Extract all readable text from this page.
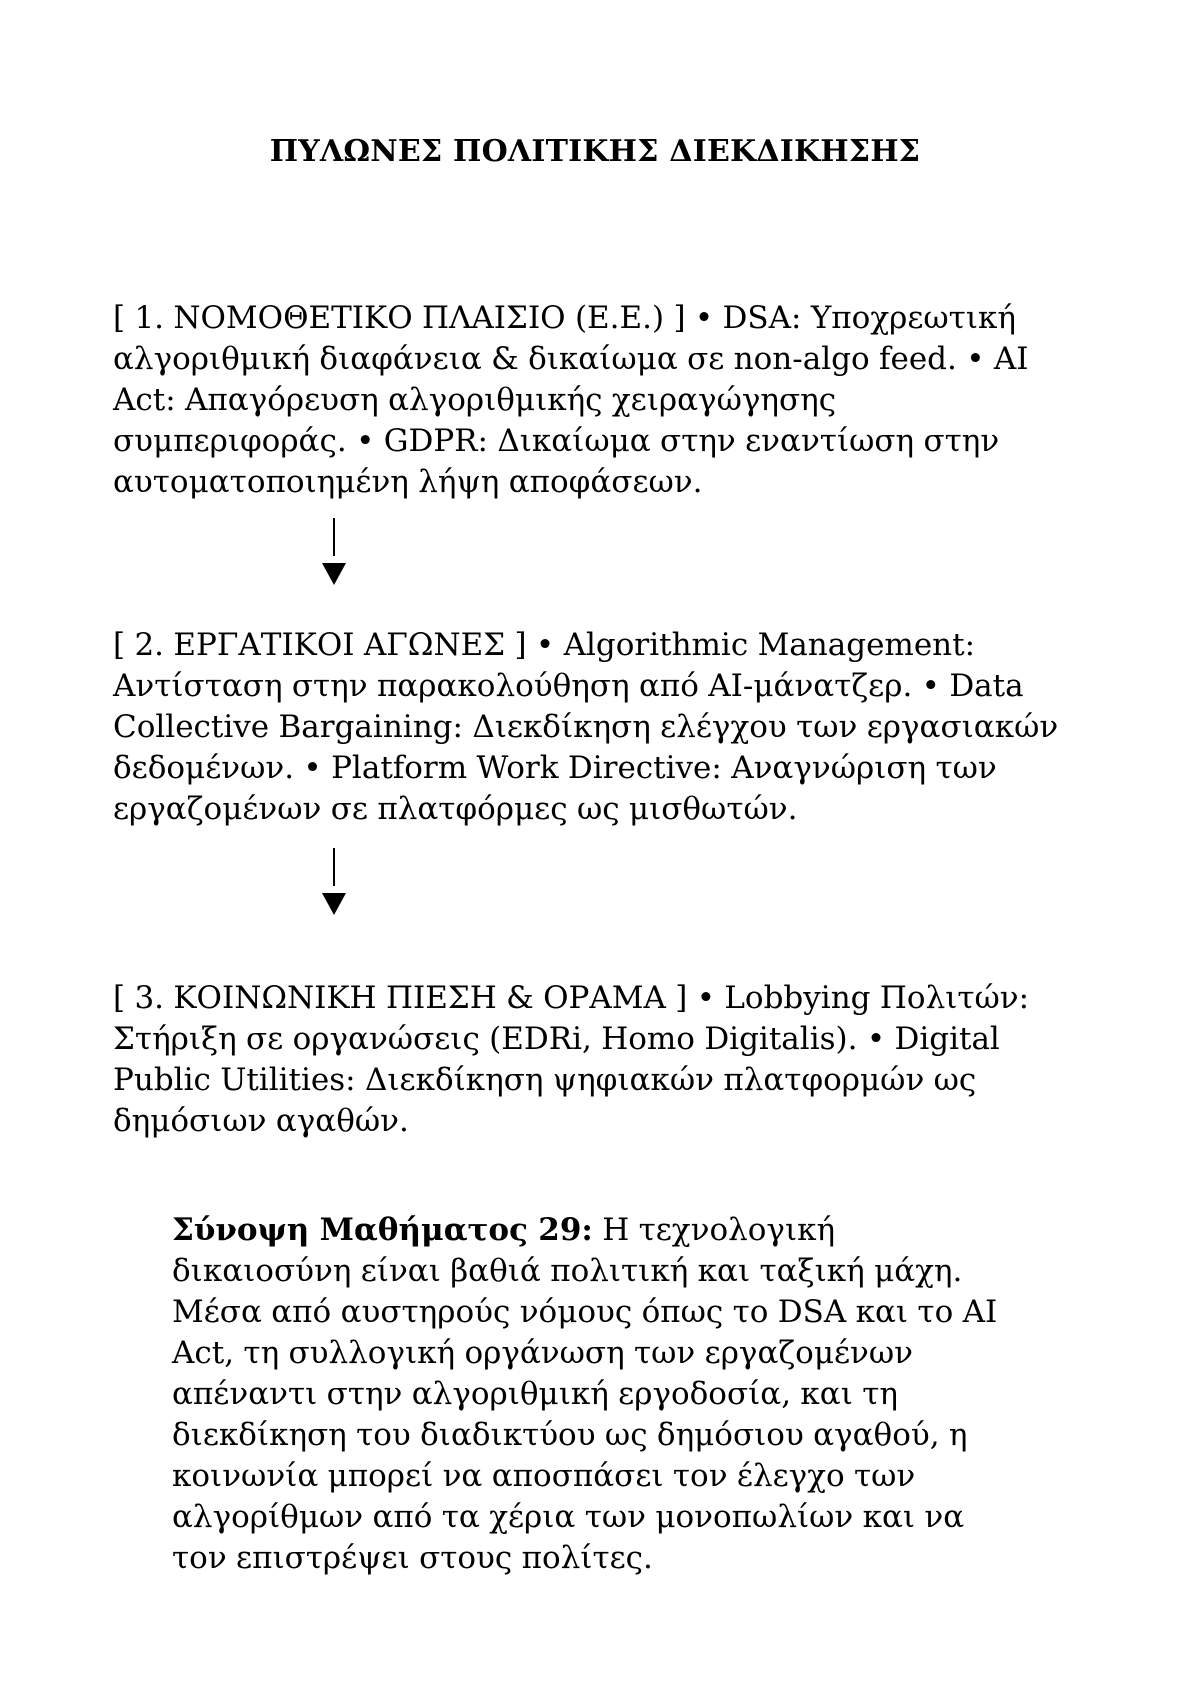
ΠΥΛΩΝΕΣ ΠΟΛΙΤΙΚΗΣ ΔΙΕΚΔΙΚΗΣΗΣ

[ 1. ΝΟΜΟΘΕΤΙΚΟ ΠΛΑΙΣΙΟ (Ε.Ε.) ] • DSA: Υποχρεωτική αλγοριθμική διαφάνεια & δικαίωμα σε non-algo feed. • AI Act: Απαγόρευση αλγοριθμικής χειραγώγησης συμπεριφοράς. • GDPR: Δικαίωμα στην εναντίωση στην αυτοματοποιημένη λήψη αποφάσεων.

[ 2. ΕΡΓΑΤΙΚΟΙ ΑΓΩΝΕΣ ] • Algorithmic Management: Αντίσταση στην παρακολούθηση από AI-μάνατζερ. • Data Collective Bargaining: Διεκδίκηση ελέγχου των εργασιακών δεδομένων. • Platform Work Directive: Αναγνώριση των εργαζομένων σε πλατφόρμες ως μισθωτών.

[ 3. ΚΟΙΝΩΝΙΚΗ ΠΙΕΣΗ & ΟΡΑΜΑ ] • Lobbying Πολιτών: Στήριξη σε οργανώσεις (EDRi, Homo Digitalis). • Digital Public Utilities: Διεκδίκηση ψηφιακών πλατφορμών ως δημόσιων αγαθών.

Σύνοψη Μαθήματος 29: Η τεχνολογική δικαιοσύνη είναι βαθιά πολιτική και ταξική μάχη. Μέσα από αυστηρούς νόμους όπως το DSA και το AI Act, τη συλλογική οργάνωση των εργαζομένων απέναντι στην αλγοριθμική εργοδοσία, και τη διεκδίκηση του διαδικτύου ως δημόσιου αγαθού, η κοινωνία μπορεί να αποσπάσει τον έλεγχο των αλγορίθμων από τα χέρια των μονοπωλίων και να τον επιστρέψει στους πολίτες.
